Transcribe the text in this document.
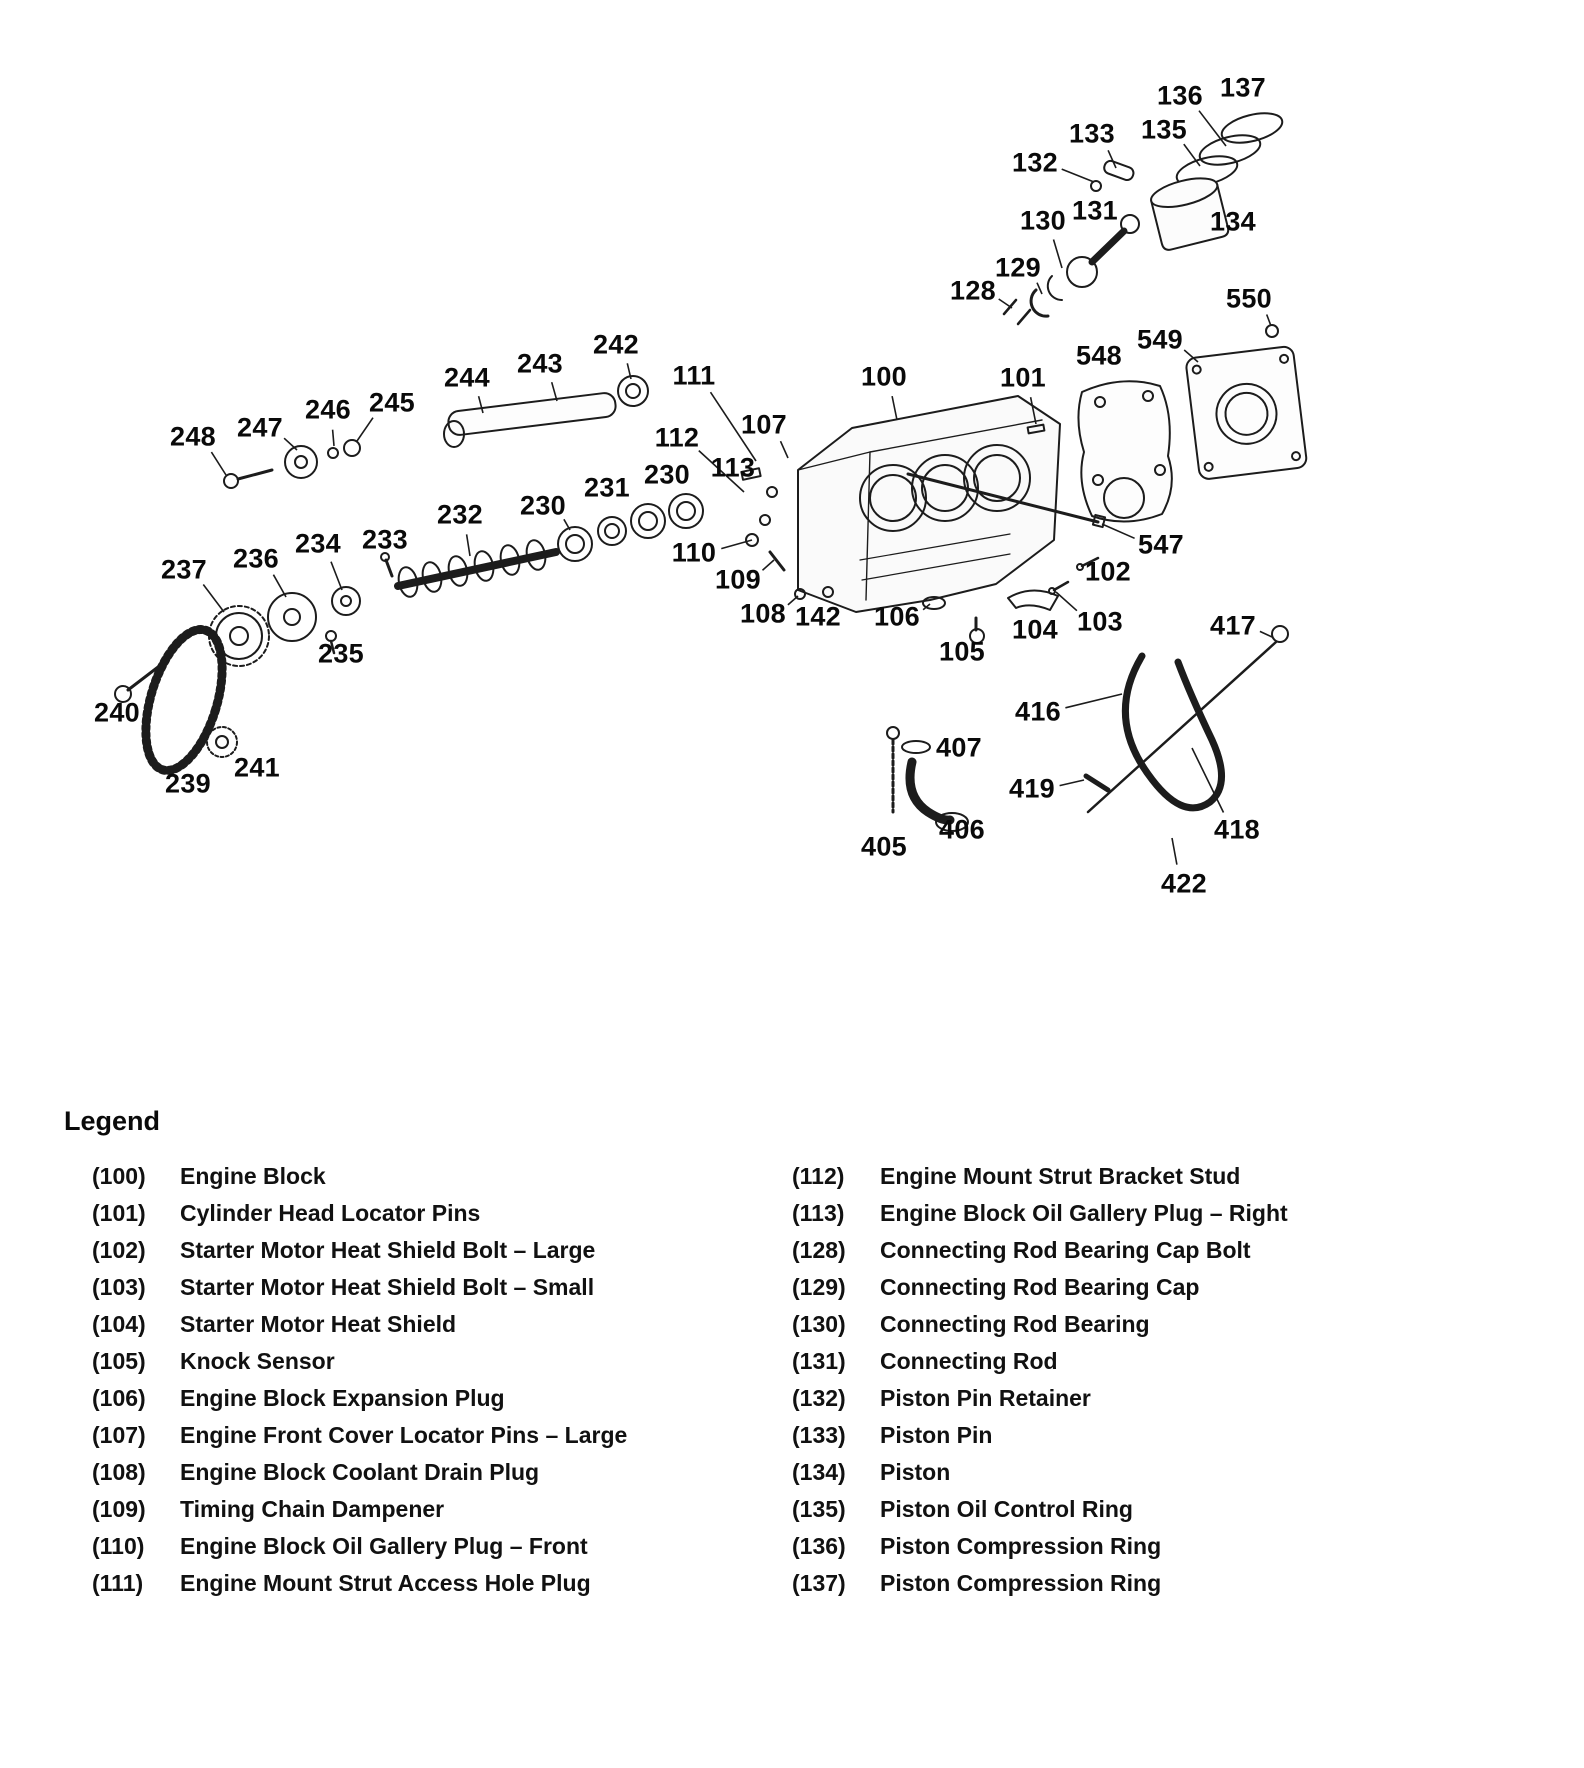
136 137
133 135
132
130 131	134
129
128	550
549
548
242
243
244	111	100	101
246 245
248 247	107
112
113
230
231
230
232
110
233
234
236
237	109
547
102
108 142 106	103
104
105
417
235
240	416
407
241
239	419
406	418
405
422
Legend
(100)	Engine Block
(101)	Cylinder Head Locator Pins
(102)	Starter Motor Heat Shield Bolt – Large
(103)	Starter Motor Heat Shield Bolt – Small
(104)	Starter Motor Heat Shield
(105)	Knock Sensor
(106)	Engine Block Expansion Plug
(107)	Engine Front Cover Locator Pins – Large
(108)	Engine Block Coolant Drain Plug
(109)	Timing Chain Dampener
(110)	Engine Block Oil Gallery Plug – Front
(111)	Engine Mount Strut Access Hole Plug
(112)	Engine Mount Strut Bracket Stud
(113)	Engine Block Oil Gallery Plug – Right
(128)	Connecting Rod Bearing Cap Bolt
(129)	Connecting Rod Bearing Cap
(130)	Connecting Rod Bearing
(131)	Connecting Rod
(132)	Piston Pin Retainer
(133)	Piston Pin
(134)	Piston
(135)	Piston Oil Control Ring
(136)	Piston Compression Ring
(137)	Piston Compression Ring
